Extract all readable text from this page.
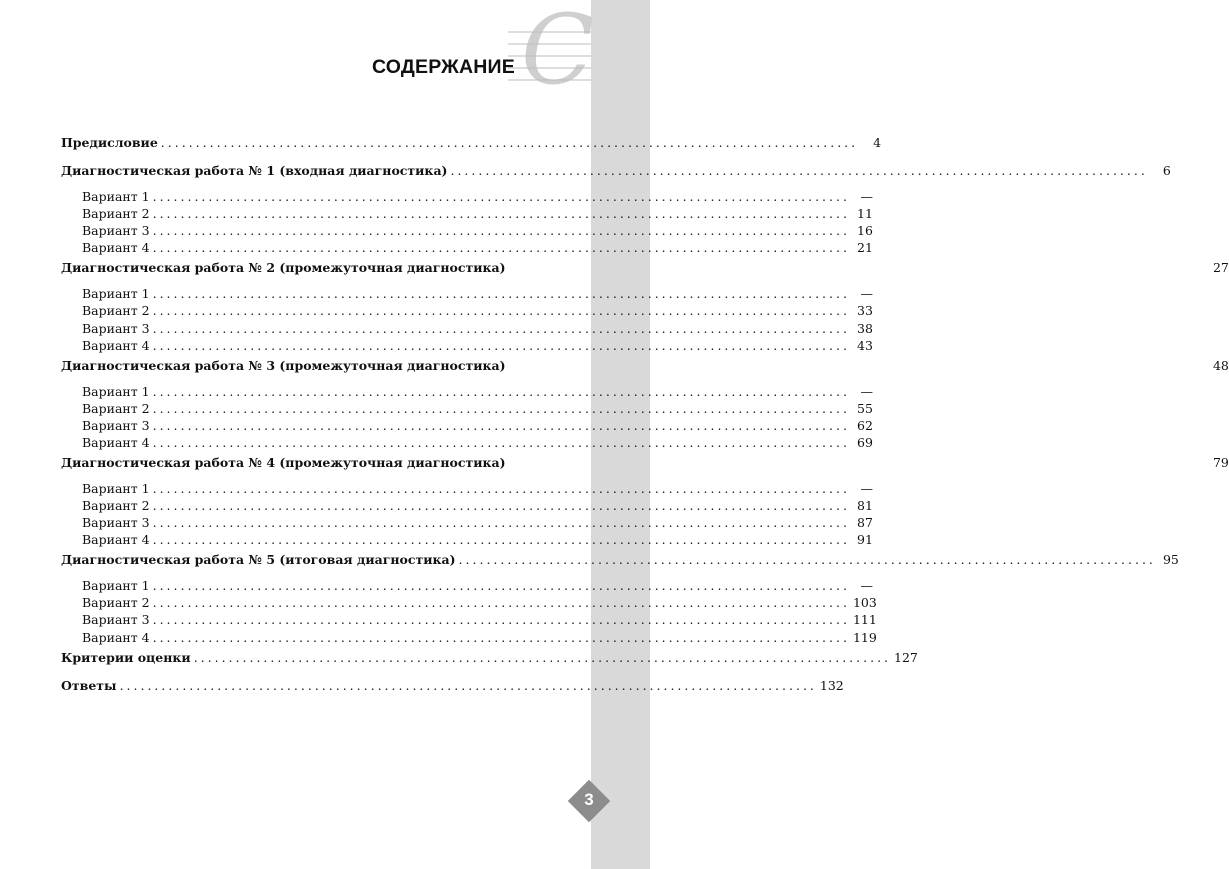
С
СОДЕРЖАНИЕ
Предисловие ....................................................................................................	4
Диагностическая работа № 1 (входная диагностика) ....................................................................................................	6
Вариант 1 .................................................................................................... —
Вариант 2 .................................................................................................... 11
Вариант 3 .................................................................................................... 16
Вариант 4 .................................................................................................... 21
Диагностическая работа № 2 (промежуточная диагностика)	27
Вариант 1 .................................................................................................... —
Вариант 2 .................................................................................................... 33
Вариант 3 .................................................................................................... 38
Вариант 4 .................................................................................................... 43
Диагностическая работа № 3 (промежуточная диагностика)	48
Вариант 1 .................................................................................................... —
Вариант 2 .................................................................................................... 55
Вариант 3 .................................................................................................... 62
Вариант 4 .................................................................................................... 69
Диагностическая работа № 4 (промежуточная диагностика)	79
Вариант 1 .................................................................................................... —
Вариант 2 .................................................................................................... 81
Вариант 3 .................................................................................................... 87
Вариант 4 .................................................................................................... 91
Диагностическая работа № 5 (итоговая диагностика) .................................................................................................... 95
Вариант 1 .................................................................................................... —
Вариант 2 .................................................................................................... 103
Вариант 3 .................................................................................................... 111
Вариант 4 .................................................................................................... 119
Критерии оценки .................................................................................................... 127
Ответы .................................................................................................... 132
3
